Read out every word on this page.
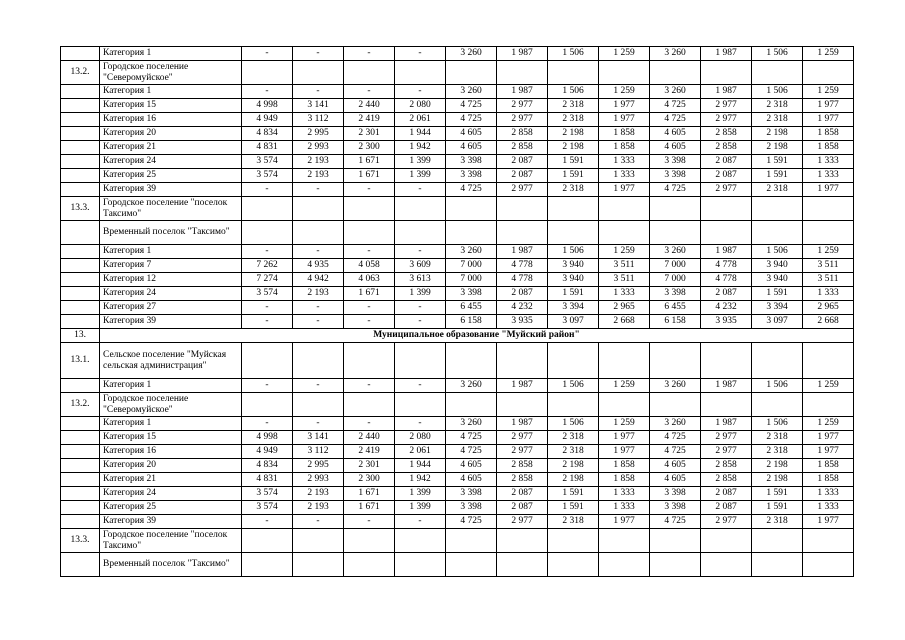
	Категория 1	-	-	-	-	3 260	1 987	1 506	1 259	3 260	1 987	1 506	1 259
13.2.	Городское поселение "Северомуйское"												
	Категория 1	-	-	-	-	3 260	1 987	1 506	1 259	3 260	1 987	1 506	1 259
	Категория 15	4 998	3 141	2 440	2 080	4 725	2 977	2 318	1 977	4 725	2 977	2 318	1 977
	Категория 16	4 949	3 112	2 419	2 061	4 725	2 977	2 318	1 977	4 725	2 977	2 318	1 977
	Категория 20	4 834	2 995	2 301	1 944	4 605	2 858	2 198	1 858	4 605	2 858	2 198	1 858
	Категория 21	4 831	2 993	2 300	1 942	4 605	2 858	2 198	1 858	4 605	2 858	2 198	1 858
	Категория 24	3 574	2 193	1 671	1 399	3 398	2 087	1 591	1 333	3 398	2 087	1 591	1 333
	Категория 25	3 574	2 193	1 671	1 399	3 398	2 087	1 591	1 333	3 398	2 087	1 591	1 333
	Категория 39	-	-	-	-	4 725	2 977	2 318	1 977	4 725	2 977	2 318	1 977
13.3.	Городское поселение "поселок Таксимо"												
	Временный поселок "Таксимо"												
	Категория 1	-	-	-	-	3 260	1 987	1 506	1 259	3 260	1 987	1 506	1 259
	Категория 7	7 262	4 935	4 058	3 609	7 000	4 778	3 940	3 511	7 000	4 778	3 940	3 511
	Категория 12	7 274	4 942	4 063	3 613	7 000	4 778	3 940	3 511	7 000	4 778	3 940	3 511
	Категория 24	3 574	2 193	1 671	1 399	3 398	2 087	1 591	1 333	3 398	2 087	1 591	1 333
	Категория 27	-	-	-	-	6 455	4 232	3 394	2 965	6 455	4 232	3 394	2 965
	Категория 39	-	-	-	-	6 158	3 935	3 097	2 668	6 158	3 935	3 097	2 668
13.	Муниципальное образование "Муйский район"												
13.1.	Сельское поселение "Муйская сельская администрация"												
	Категория 1	-	-	-	-	3 260	1 987	1 506	1 259	3 260	1 987	1 506	1 259
13.2.	Городское поселение "Северомуйское"												
	Категория 1	-	-	-	-	3 260	1 987	1 506	1 259	3 260	1 987	1 506	1 259
	Категория 15	4 998	3 141	2 440	2 080	4 725	2 977	2 318	1 977	4 725	2 977	2 318	1 977
	Категория 16	4 949	3 112	2 419	2 061	4 725	2 977	2 318	1 977	4 725	2 977	2 318	1 977
	Категория 20	4 834	2 995	2 301	1 944	4 605	2 858	2 198	1 858	4 605	2 858	2 198	1 858
	Категория 21	4 831	2 993	2 300	1 942	4 605	2 858	2 198	1 858	4 605	2 858	2 198	1 858
	Категория 24	3 574	2 193	1 671	1 399	3 398	2 087	1 591	1 333	3 398	2 087	1 591	1 333
	Категория 25	3 574	2 193	1 671	1 399	3 398	2 087	1 591	1 333	3 398	2 087	1 591	1 333
	Категория 39	-	-	-	-	4 725	2 977	2 318	1 977	4 725	2 977	2 318	1 977
13.3.	Городское поселение "поселок Таксимо"												
	Временный поселок "Таксимо"												
